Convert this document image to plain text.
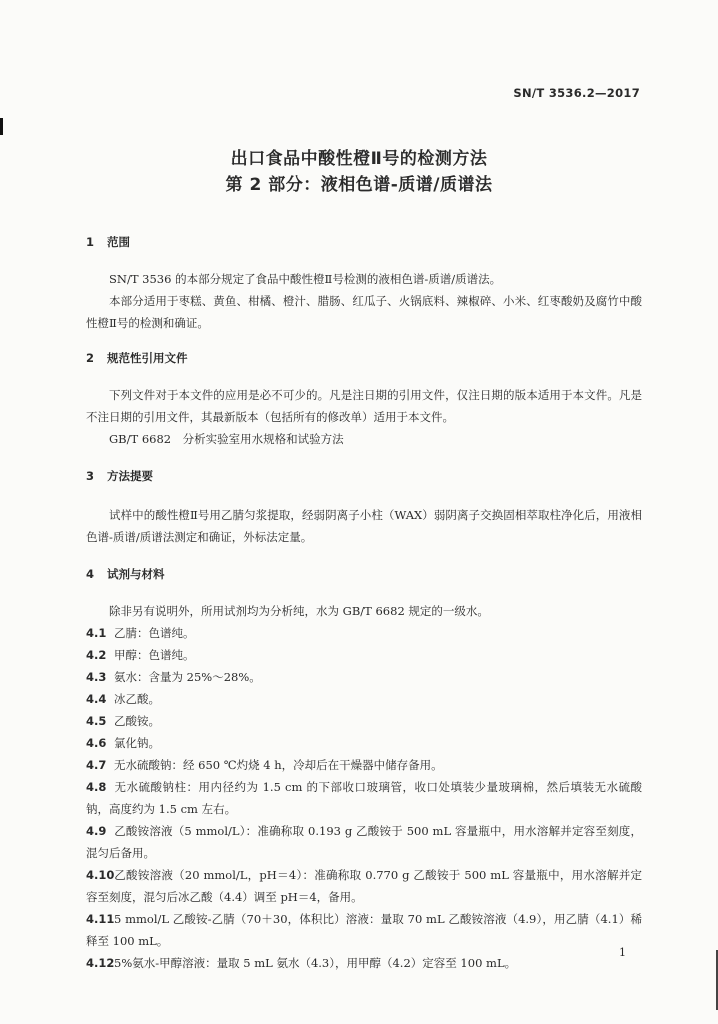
SN/T 3536.2—2017
出口食品中酸性橙Ⅱ号的检测方法
第 2 部分：液相色谱-质谱/质谱法
1 范围
SN/T 3536 的本部分规定了食品中酸性橙Ⅱ号检测的液相色谱-质谱/质谱法。
本部分适用于枣糕、黄鱼、柑橘、橙汁、腊肠、红瓜子、火锅底料、辣椒碎、小米、红枣酸奶及腐竹中酸性橙Ⅱ号的检测和确证。
2 规范性引用文件
下列文件对于本文件的应用是必不可少的。凡是注日期的引用文件，仅注日期的版本适用于本文件。凡是不注日期的引用文件，其最新版本（包括所有的修改单）适用于本文件。
GB/T 6682　分析实验室用水规格和试验方法
3 方法提要
试样中的酸性橙Ⅱ号用乙腈匀浆提取，经弱阴离子小柱（WAX）弱阴离子交换固相萃取柱净化后，用液相色谱-质谱/质谱法测定和确证，外标法定量。
4 试剂与材料
除非另有说明外，所用试剂均为分析纯，水为 GB/T 6682 规定的一级水。
4.1 乙腈：色谱纯。
4.2 甲醇：色谱纯。
4.3 氨水：含量为 25%～28%。
4.4 冰乙酸。
4.5 乙酸铵。
4.6 氯化钠。
4.7 无水硫酸钠：经 650 ℃灼烧 4 h，冷却后在干燥器中储存备用。
4.8 无水硫酸钠柱：用内径约为 1.5 cm 的下部收口玻璃管，收口处填装少量玻璃棉，然后填装无水硫酸钠，高度约为 1.5 cm 左右。
4.9 乙酸铵溶液（5 mmol/L）：准确称取 0.193 g 乙酸铵于 500 mL 容量瓶中，用水溶解并定容至刻度，混匀后备用。
4.10乙酸铵溶液（20 mmol/L，pH＝4）：准确称取 0.770 g 乙酸铵于 500 mL 容量瓶中，用水溶解并定容至刻度，混匀后冰乙酸（4.4）调至 pH＝4，备用。
4.115 mmol/L 乙酸铵-乙腈（70＋30，体积比）溶液：量取 70 mL 乙酸铵溶液（4.9），用乙腈（4.1）稀释至 100 mL。
4.125%氨水-甲醇溶液：量取 5 mL 氨水（4.3），用甲醇（4.2）定容至 100 mL。
1
